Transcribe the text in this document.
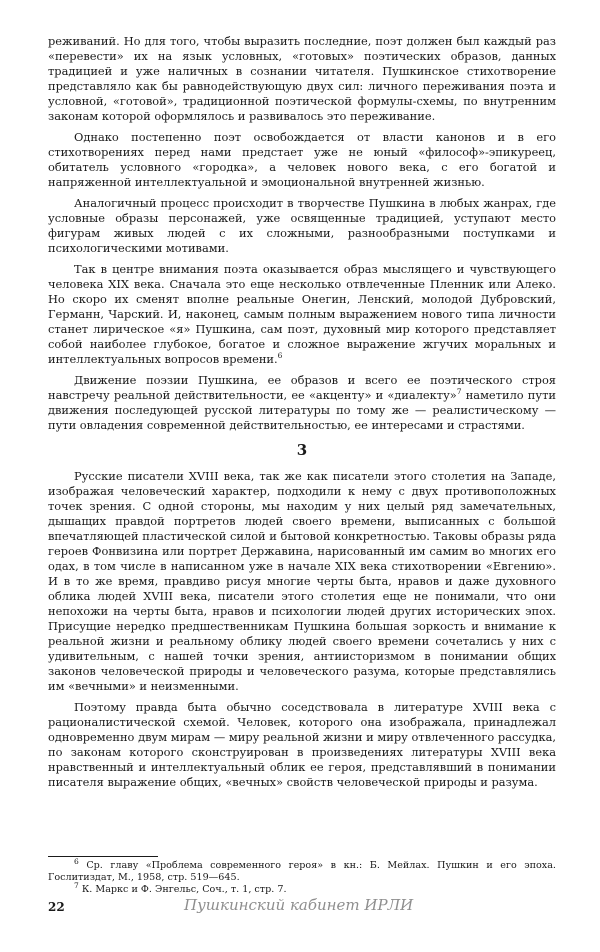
реживаний. Но для того, чтобы выразить последние, поэт должен был каждый раз «перевести» их на язык условных, «готовых» поэтических образов, данных традицией и уже наличных в сознании читателя. Пушкинское стихотворение представляло как бы равнодействующую двух сил: личного переживания поэта и условной, «готовой», традиционной поэтической формулы-схемы, по внутренним законам которой оформлялось и развивалось это переживание.

Однако постепенно поэт освобождается от власти канонов и в его стихотворениях перед нами предстает уже не юный «философ»-эпикуреец, обитатель условного «городка», а человек нового века, с его богатой и напряженной интеллектуальной и эмоциональной внутренней жизнью.

Аналогичный процесс происходит в творчестве Пушкина в любых жанрах, где условные образы персонажей, уже освященные традицией, уступают место фигурам живых людей с их сложными, разнообразными поступками и психологическими мотивами.

Так в центре внимания поэта оказывается образ мыслящего и чувствующего человека XIX века. Сначала это еще несколько отвлеченные Пленник или Алеко. Но скоро их сменят вполне реальные Онегин, Ленский, молодой Дубровский, Германн, Чарский. И, наконец, самым полным выражением нового типа личности станет лирическое «я» Пушкина, сам поэт, духовный мир которого представляет собой наиболее глубокое, богатое и сложное выражение жгучих моральных и интеллектуальных вопросов времени.$^6$

Движение поэзии Пушкина, ее образов и всего ее поэтического строя навстречу реальной действительности, ее «акценту» и «диалекту»$^7$ наметило пути движения последующей русской литературы по тому же — реалистическому — пути овладения современной действительностью, ее интересами и страстями.

3

Русские писатели XVIII века, так же как писатели этого столетия на Западе, изображая человеческий характер, подходили к нему с двух противоположных точек зрения. С одной стороны, мы находим у них целый ряд замечательных, дышащих правдой портретов людей своего времени, выписанных с большой впечатляющей пластической силой и бытовой конкретностью. Таковы образы ряда героев Фонвизина или портрет Державина, нарисованный им самим во многих его одах, в том числе в написанном уже в начале XIX века стихотворении «Евгению». И в то же время, правдиво рисуя многие черты быта, нравов и даже духовного облика людей XVIII века, писатели этого столетия еще не понимали, что они непохожи на черты быта, нравов и психологии людей других исторических эпох. Присущие нередко предшественникам Пушкина большая зоркость и внимание к реальной жизни и реальному облику людей своего времени сочетались у них с удивительным, с нашей точки зрения, антиисторизмом в понимании общих законов человеческой природы и человеческого разума, которые представлялись им «вечными» и неизменными.

Поэтому правда быта обычно соседствовала в литературе XVIII века с рационалистической схемой. Человек, которого она изображала, принадлежал одновременно двум мирам — миру реальной жизни и миру отвлеченного рассудка, по законам которого сконструирован в произведениях литературы XVIII века нравственный и интеллектуальный облик ее героя, представлявший в понимании писателя выражение общих, «вечных» свойств человеческой природы и разума.

$^6$ Ср. главу «Проблема современного героя» в кн.: Б. Мейлах. Пушкин и его эпоха. Гослитиздат, М., 1958, стр. 519—645.

$^7$ К. Маркс и Ф. Энгельс, Соч., т. 1, стр. 7.

22	Пушкинский кабинет ИРЛИ
